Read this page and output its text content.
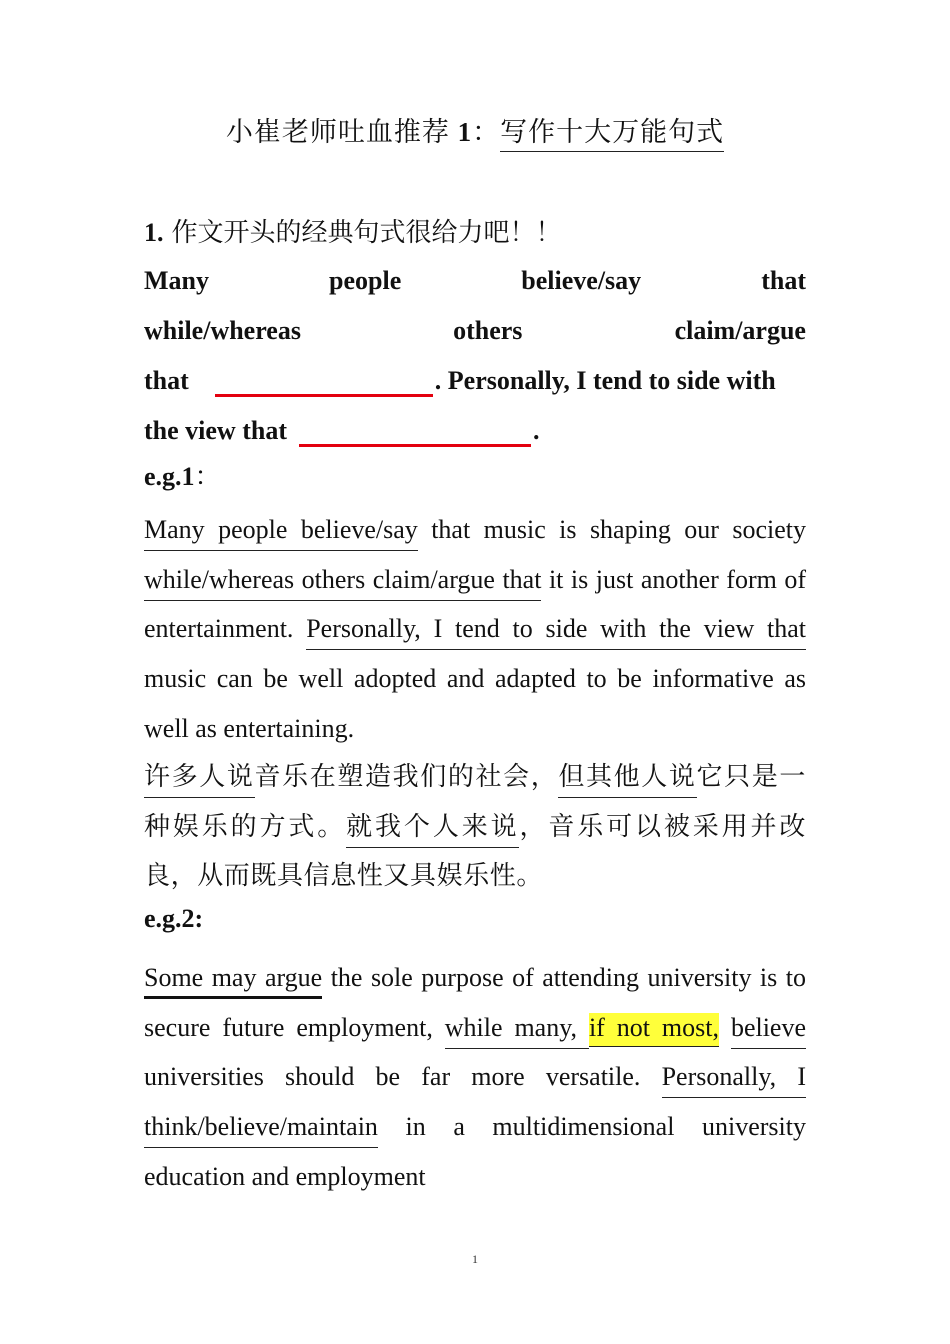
小崔老师吐血推荐 1：写作十大万能句式
1. 作文开头的经典句式很给力吧！！

Many	people	believe/say	that

while/whereas	others	claim/argue

that	. Personally, I tend to side with

the view that	.

e.g.1：
Many people believe/say that music is shaping our society while/whereas others claim/argue that it is just another form of entertainment. Personally, I tend to side with the view that music can be well adopted and adapted to be informative as well as entertaining.
许多人说音乐在塑造我们的社会，但其他人说它只是一种娱乐的方式。就我个人来说，音乐可以被采用并改良，从而既具信息性又具娱乐性。
e.g.2:
Some may argue the sole purpose of attending university is to secure future employment, while many, if not most, believe universities should be far more versatile. Personally, I think/believe/maintain in a multidimensional university education and employment
1
